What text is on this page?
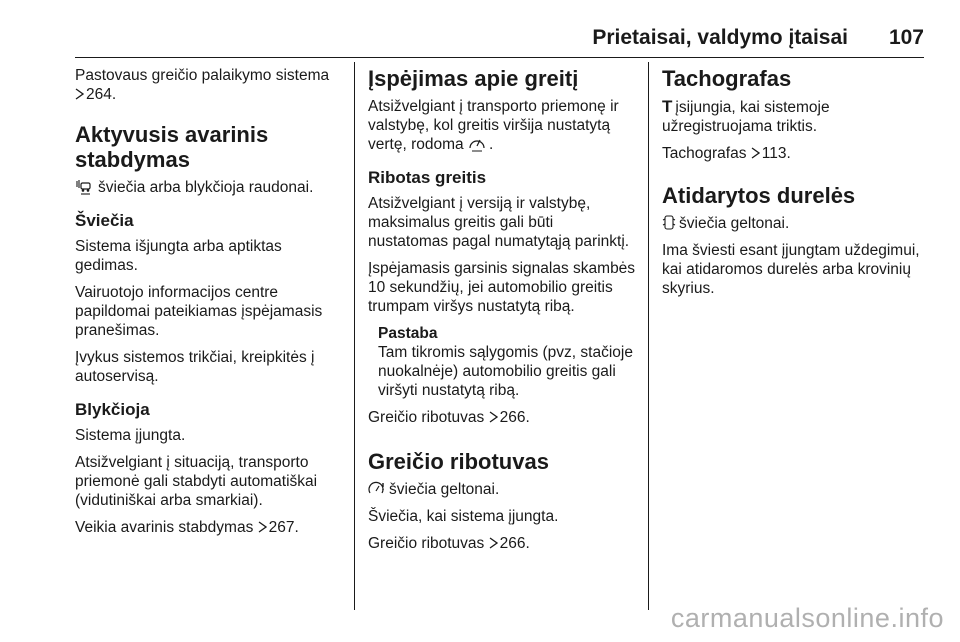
Prietaisai, valdymo įtaisai 107

Pastovaus greičio palaikymo sistema
264.

Aktyvusis avarinis stabdymas

šviečia arba blykčioja raudonai.

Šviečia

Sistema išjungta arba aptiktas gedimas.

Vairuotojo informacijos centre papildomai pateikiamas įspėjamasis pranešimas.

Įvykus sistemos trikčiai, kreipkitės į autoservisą.

Blykčioja

Sistema įjungta.

Atsižvelgiant į situaciją, transporto priemonė gali stabdyti automatiškai (vidutiniškai arba smarkiai).

Veikia avarinis stabdymas 267.

Įspėjimas apie greitį

Atsižvelgiant į transporto priemonę ir valstybę, kol greitis viršija nustatytą vertę, rodoma .

Ribotas greitis

Atsižvelgiant į versiją ir valstybę, maksimalus greitis gali būti nustatomas pagal numatytąją parinktį.

Įspėjamasis garsinis signalas skambės 10 sekundžių, jei automobilio greitis trumpam viršys nustatytą ribą.

Pastaba

Tam tikromis sąlygomis (pvz, stačioje nuokalnėje) automobilio greitis gali viršyti nustatytą ribą.

Greičio ribotuvas 266.

Greičio ribotuvas

šviečia geltonai.

Šviečia, kai sistema įjungta.

Greičio ribotuvas 266.

Tachografas

T įsijungia, kai sistemoje užregistruojama triktis.

Tachografas 113.

Atidarytos durelės

šviečia geltonai.

Ima šviesti esant įjungtam uždegimui, kai atidaromos durelės arba krovinių skyrius.

carmanualsonline.info
